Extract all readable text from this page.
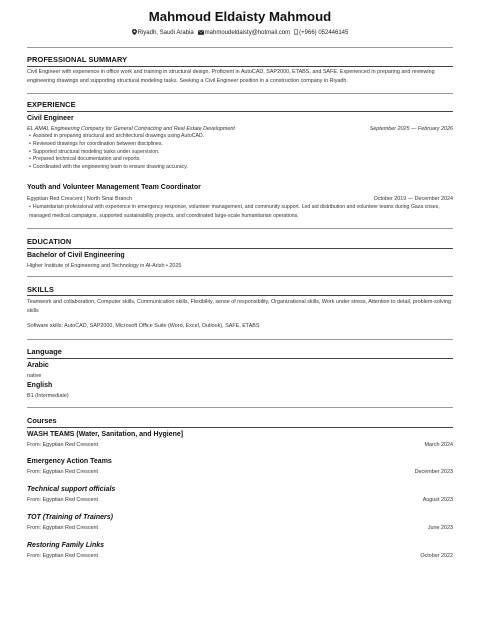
Mahmoud Eldaisty Mahmoud
Riyadh, Saudi Arabia mahmoudeldaisty@hotmail.com (+966) 052446145
PROFESSIONAL SUMMARY
Civil Engineer with experience in office work and training in structural design. Proficient in AutoCAD, SAP2000, ETABS, and SAFE. Experienced in preparing and reviewing engineering drawings and supporting structural modeling tasks. Seeking a Civil Engineer position in a construction company in Riyadh.
EXPERIENCE
Civil Engineer
EL AMAL Engineering Company for General Contracting and Real Estate Development	September 2025 — February 2026
• Assisted in preparing structural and architectural drawings using AutoCAD.
• Reviewed drawings for coordination between disciplines.
• Supported structural modeling tasks under supervision.
• Prepared technical documentation and reports.
• Coordinated with the engineering team to ensure drawing accuracy.
Youth and Volunteer Management Team Coordinator
Egyptian Red Crescent | North Sinai Branch	October 2019 — December 2024
• Humanitarian professional with experience in emergency response, volunteer management, and community support. Led aid distribution and volunteer teams during Gaza crises, managed medical campaigns, supported sustainability projects, and coordinated large-scale humanitarian operations.
EDUCATION
Bachelor of Civil Engineering
Higher Institute of Engineering and Technology in Al-Arish • 2025
SKILLS
Teamwork and collaboration, Computer skills, Communication skills, Flexibility, sense of responsibility, Organizational skills, Work under stress, Attention to detail, problem-solving skills
Software skills: AutoCAD, SAP2000, Microsoft Office Suite (Word, Excel, Outlook), SAFE, ETABS
Language
Arabic
native
English
B1 (Intermediate)
Courses
WASH TEAMS (Water, Sanitation, and Hygiene]
From: Egyptian Red Crescent	March 2024
Emergency Action Teams
From: Egyptian Red Crescent	December 2023
Technical support officials
From: Egyptian Red Crescent	August 2023
TOT (Training of Trainers)
From: Egyptian Red Crescent	June 2023
Restoring Family Links
From: Egyptian Red Crescent	October 2022
